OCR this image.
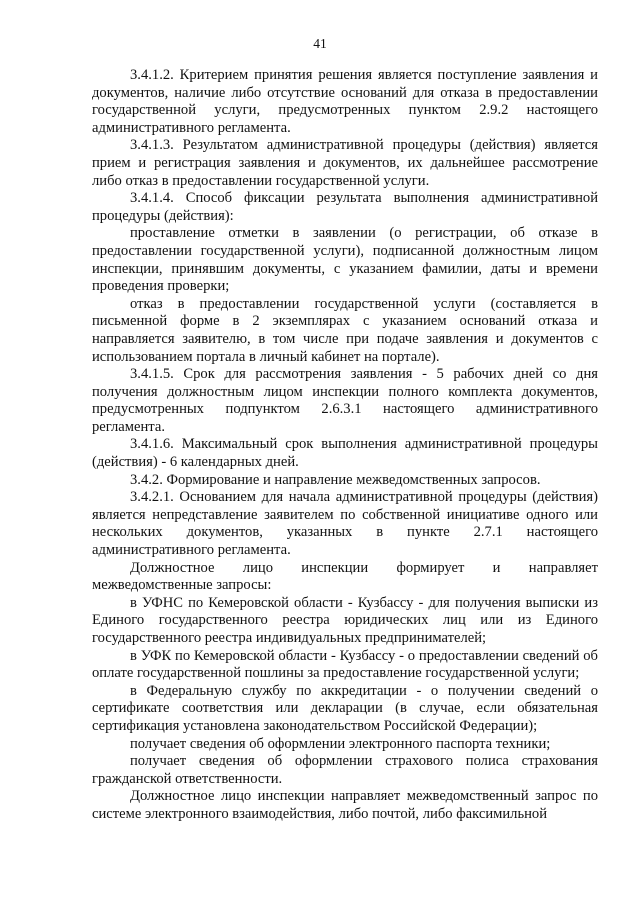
41

3.4.1.2. Критерием принятия решения является поступление заявления и документов, наличие либо отсутствие оснований для отказа в предоставлении государственной услуги, предусмотренных пунктом 2.9.2 настоящего административного регламента.

3.4.1.3. Результатом административной процедуры (действия) является прием и регистрация заявления и документов, их дальнейшее рассмотрение либо отказ в предоставлении государственной услуги.

3.4.1.4. Способ фиксации результата выполнения административной процедуры (действия):

проставление отметки в заявлении (о регистрации, об отказе в предоставлении государственной услуги), подписанной должностным лицом инспекции, принявшим документы, с указанием фамилии, даты и времени проведения проверки;

отказ в предоставлении государственной услуги (составляется в письменной форме в 2 экземплярах с указанием оснований отказа и направляется заявителю, в том числе при подаче заявления и документов с использованием портала в личный кабинет на портале).

3.4.1.5. Срок для рассмотрения заявления - 5 рабочих дней со дня получения должностным лицом инспекции полного комплекта документов, предусмотренных подпунктом 2.6.3.1 настоящего административного регламента.

3.4.1.6. Максимальный срок выполнения административной процедуры (действия) - 6 календарных дней.

3.4.2. Формирование и направление межведомственных запросов.

3.4.2.1. Основанием для начала административной процедуры (действия) является непредставление заявителем по собственной инициативе одного или нескольких документов, указанных в пункте 2.7.1 настоящего административного регламента.

Должностное лицо инспекции формирует и направляет межведомственные запросы:

в УФНС по Кемеровской области - Кузбассу - для получения выписки из Единого государственного реестра юридических лиц или из Единого государственного реестра индивидуальных предпринимателей;

в УФК по Кемеровской области - Кузбассу - о предоставлении сведений об оплате государственной пошлины за предоставление государственной услуги;

в Федеральную службу по аккредитации - о получении сведений о сертификате соответствия или декларации (в случае, если обязательная сертификация установлена законодательством Российской Федерации);

получает сведения об оформлении электронного паспорта техники;

получает сведения об оформлении страхового полиса страхования гражданской ответственности.

Должностное лицо инспекции направляет межведомственный запрос по системе электронного взаимодействия, либо почтой, либо факсимильной
